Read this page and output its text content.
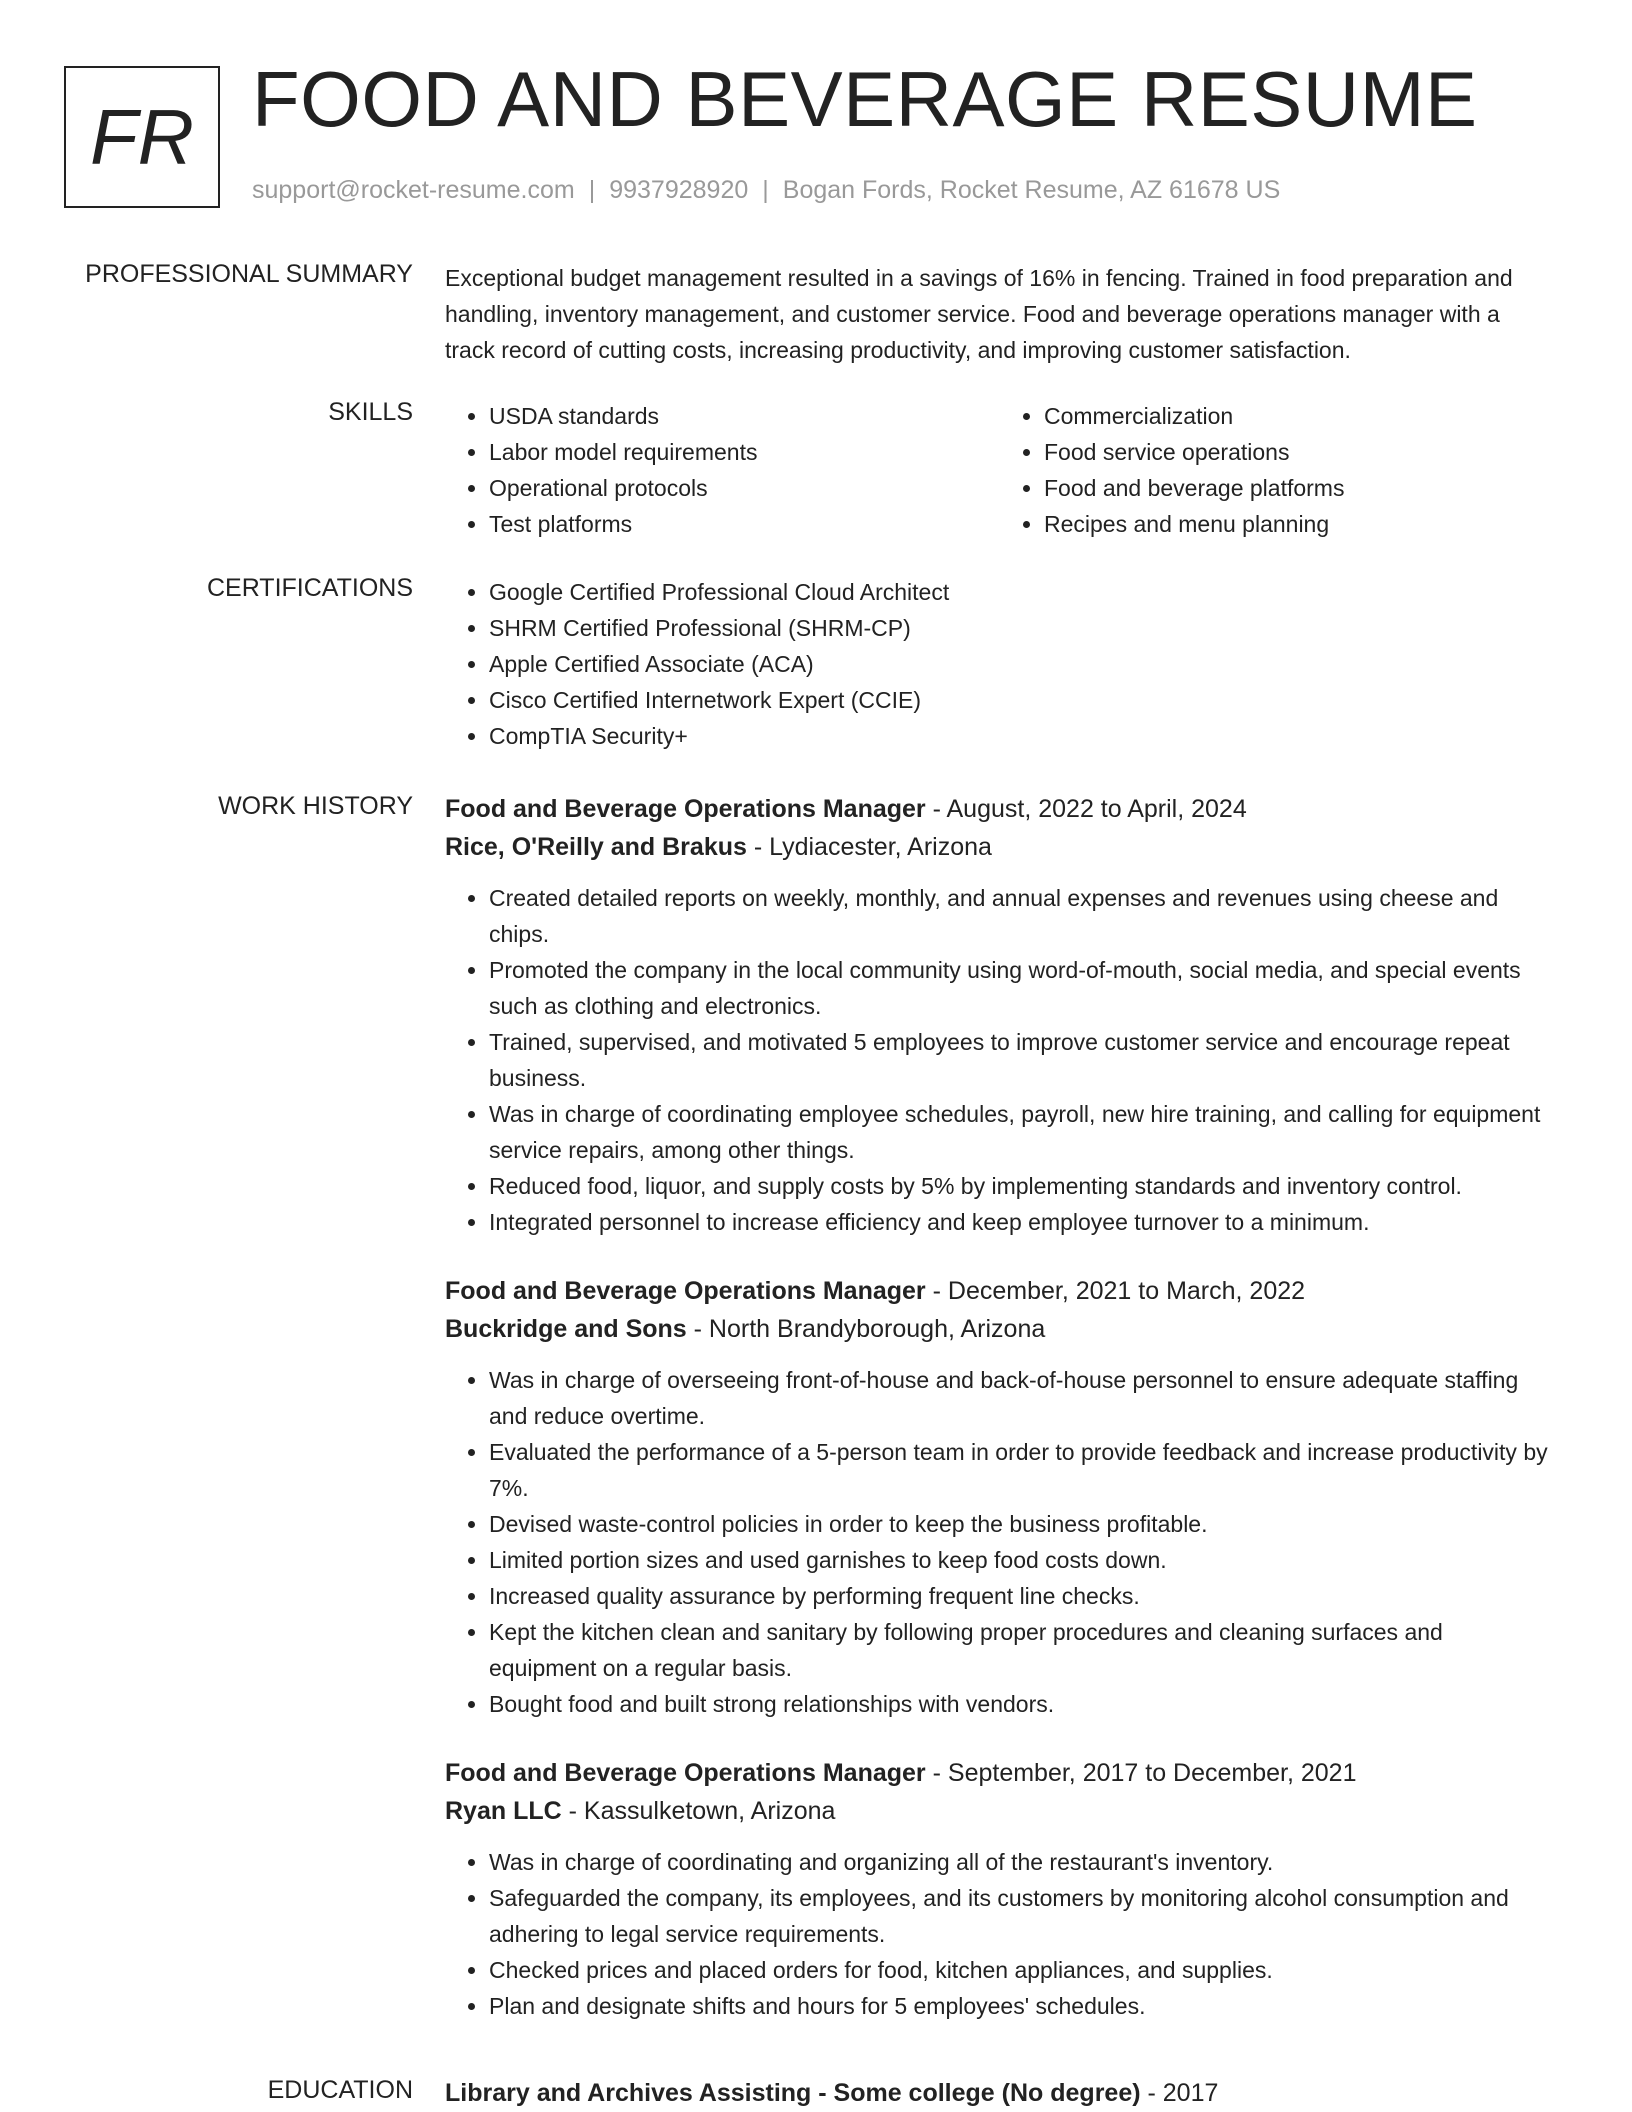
FR FOOD AND BEVERAGE RESUME
support@rocket-resume.com | 9937928920 | Bogan Fords, Rocket Resume, AZ 61678 US
PROFESSIONAL SUMMARY Exceptional budget management resulted in a savings of 16% in fencing. Trained in food preparation and handling, inventory management, and customer service. Food and beverage operations manager with a track record of cutting costs, increasing productivity, and improving customer satisfaction.

SKILLS	• USDA standards
• Labor model requirements
• Operational protocols
• Test platforms
• Commercialization
• Food service operations
• Food and beverage platforms
• Recipes and menu planning
CERTIFICATIONS	• Google Certified Professional Cloud Architect
• SHRM Certified Professional (SHRM-CP)
• Apple Certified Associate (ACA)
• Cisco Certified Internetwork Expert (CCIE)
• CompTIA Security+
WORK HISTORY Food and Beverage Operations Manager - August, 2022 to April, 2024
Rice, O'Reilly and Brakus - Lydiacester, Arizona
• Created detailed reports on weekly, monthly, and annual expenses and revenues using cheese and chips.
• Promoted the company in the local community using word-of-mouth, social media, and special events such as clothing and electronics.
• Trained, supervised, and motivated 5 employees to improve customer service and encourage repeat business.
• Was in charge of coordinating employee schedules, payroll, new hire training, and calling for equipment service repairs, among other things.
• Reduced food, liquor, and supply costs by 5% by implementing standards and inventory control.
• Integrated personnel to increase efficiency and keep employee turnover to a minimum.
Food and Beverage Operations Manager - December, 2021 to March, 2022
Buckridge and Sons - North Brandyborough, Arizona
• Was in charge of overseeing front-of-house and back-of-house personnel to ensure adequate staffing and reduce overtime.
• Evaluated the performance of a 5-person team in order to provide feedback and increase productivity by 7%.
• Devised waste-control policies in order to keep the business profitable.
• Limited portion sizes and used garnishes to keep food costs down.
• Increased quality assurance by performing frequent line checks.
• Kept the kitchen clean and sanitary by following proper procedures and cleaning surfaces and equipment on a regular basis.
• Bought food and built strong relationships with vendors.
Food and Beverage Operations Manager - September, 2017 to December, 2021
Ryan LLC - Kassulketown, Arizona
• Was in charge of coordinating and organizing all of the restaurant's inventory.
• Safeguarded the company, its employees, and its customers by monitoring alcohol consumption and adhering to legal service requirements.
• Checked prices and placed orders for food, kitchen appliances, and supplies.
• Plan and designate shifts and hours for 5 employees' schedules.
EDUCATION Library and Archives Assisting - Some college (No degree) - 2017
